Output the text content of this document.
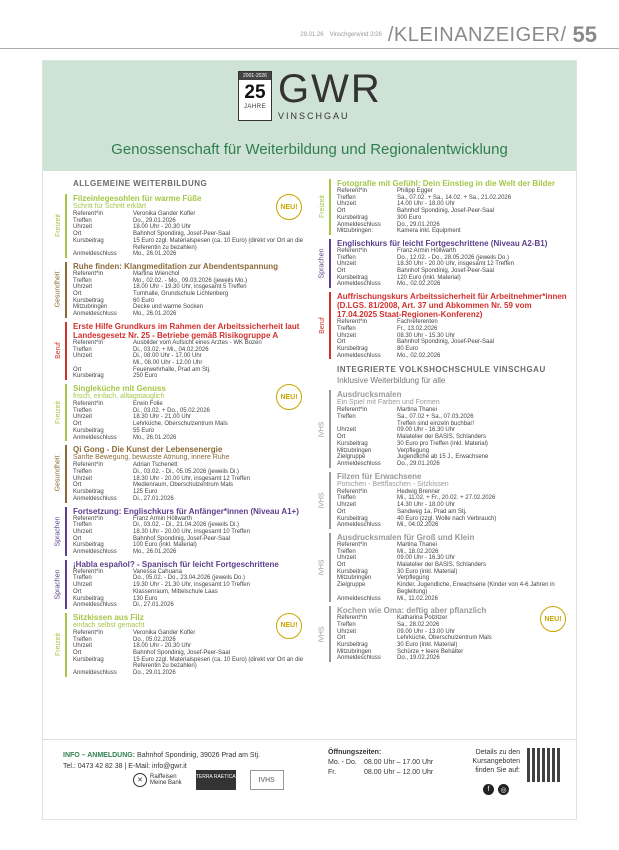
29.01.26 Vinschgerwind 2/26 /KLEINANZEIGER/ 55
2001-2026
25
JAHRE GWR
VINSCHGAU
Genossenschaft für Weiterbildung und Regionalentwicklung
ALLGEMEINE WEITERBILDUNG
Freizeit
Filzeinlegesohlen für warme Füße
Schritt für Schritt erklärt	NEU!
Referent*in	Veronika Gander Kofler
Treffen	Do., 29.01.2026
Uhrzeit	18.00 Uhr - 20.30 Uhr
Ort	Bahnhof Spondinig, Josef-Peer-Saal
Kursbeitrag	15 Euro zzgl. Materialspesen (ca. 10 Euro) (direkt vor Ort an die Referentin zu bezahlen)
Anmeldeschluss	Mo., 26.01.2026
Gesundheit
Ruhe finden: Klangmeditation zur Abendentspannung
Referent*in	Martina Wienchol
Treffen	Mo., 02.02. - Mo., 09.03.2026 (jeweils Mo.)
Uhrzeit	18.00 Uhr - 19.30 Uhr, insgesamt 5 Treffen
Ort	Turnhalle, Grundschule Lichtenberg
Kursbeitrag	60 Euro
Mitzubringen	Decke und warme Socken
Anmeldeschluss	Mo., 26.01.2026
Beruf
Erste Hilfe Grundkurs im Rahmen der Arbeitssicherheit laut Landesgesetz Nr. 25 - Betriebe gemäß Risikogruppe A
Referent*in	Ausbilder vom Aufsicht eines Arztes - WK Bozen
Treffen	Di., 03.02. + Mi., 04.02.2026
Uhrzeit	Di., 08.00 Uhr - 17.00 Uhr
Mi., 08.00 Uhr - 12.00 Uhr
Ort	Feuerwehrhalle, Prad am Stj.
Kursbeitrag	250 Euro
Freizeit
Singleküche mit Genuss
frisch, einfach, alltagstauglich	NEU!
Referent*in	Erwin Folie
Treffen	Di., 03.02. + Do., 05.02.2026
Uhrzeit	18.30 Uhr - 21.00 Uhr
Ort	Lehrküche, Oberschulzentrum Mals
Kursbeitrag	55 Euro
Anmeldeschluss	Mo., 26.01.2026
Gesundheit
Qi Gong - Die Kunst der Lebensenergie
Sanfte Bewegung, bewusste Atmung, innere Ruhe
Referent*in	Adrian Tschenett
Treffen	Di., 03.02. - Di., 05.05.2026 (jeweils Di.)
Uhrzeit	18.30 Uhr - 20.00 Uhr, insgesamt 12 Treffen
Ort	Medienraum, Oberschulzentrum Mals
Kursbeitrag	125 Euro
Anmeldeschluss	Di., 27.01.2026
Sprachen
Fortsetzung: Englischkurs für Anfänger*innen (Niveau A1+)
Referent*in	Franz Armin Höllwarth
Treffen	Di., 03.02. - Di., 21.04.2026 (jeweils Di.)
Uhrzeit	18.30 Uhr - 20.00 Uhr, insgesamt 10 Treffen
Ort	Bahnhof Spondinig, Josef-Peer-Saal
Kursbeitrag	100 Euro (inkl. Material)
Anmeldeschluss	Mo., 26.01.2026
Sprachen
¡Habla español? - Spanisch für leicht Fortgeschrittene
Referent*in	Vanessa Cahuana
Treffen	Do., 05.02. - Do., 23.04.2026 (jeweils Do.)
Uhrzeit	19.30 Uhr - 21.30 Uhr, insgesamt 10 Treffen
Ort	Klassenraum, Mittelschule Laas
Kursbeitrag	130 Euro
Anmeldeschluss	Di., 27.01.2026
Freizeit
Sitzkissen aus Filz
einfach selbst gemacht	NEU!
Referent*in	Veronika Gander Kofler
Treffen	Do., 05.02.2026
Uhrzeit	18.00 Uhr - 20.30 Uhr
Ort	Bahnhof Spondinig, Josef-Peer-Saal
Kursbeitrag	15 Euro zzgl. Materialspesen (ca. 10 Euro) (direkt vor Ort an die Referentin zu bezahlen)
Anmeldeschluss	Do., 29.01.2026
Freizeit
Fotografie mit Gefühl: Dein Einstieg in die Welt der Bilder
Referent*in	Philipp Egger
Treffen	Sa., 07.02. + Sa., 14.02. + Sa., 21.02.2026
Uhrzeit	14.00 Uhr - 18.00 Uhr
Ort	Bahnhof Spondinig, Josef-Peer-Saal
Kursbeitrag	300 Euro
Anmeldeschluss	Do., 29.01.2026
Mitzubringen:	Kamera inkl. Equipment
Sprachen
Englischkurs für leicht Fortgeschrittene (Niveau A2-B1)
Referent*in	Franz Armin Höllwarth
Treffen	Do., 12.02. - Do., 28.05.2026 (jeweils Do.)
Uhrzeit	18.30 Uhr - 20.00 Uhr, insgesamt 12 Treffen
Ort	Bahnhof Spondinig, Josef-Peer-Saal
Kursbeitrag	120 Euro (inkl. Material)
Anmeldeschluss	Mo., 02.02.2026
Beruf
Auffrischungskurs Arbeitssicherheit für Arbeitnehmer*innen (D.LGS. 81/2008, Art. 37 und Abkommen Nr. 59 vom 17.04.2025 Staat-Regionen-Konferenz)
Referent*in	Fachreferenten
Treffen	Fr., 13.02.2026
Uhrzeit	08.30 Uhr - 15.30 Uhr
Ort	Bahnhof Spondinig, Josef-Peer-Saal
Kursbeitrag	80 Euro
Anmeldeschluss	Mo., 02.02.2026
INTEGRIERTE VOLKSHOCHSCHULE VINSCHGAU
Inklusive Weiterbildung für alle
iVHS
Ausdrucksmalen
Ein Spiel mit Farben und Formen
Referent*in	Martina Thanei
Treffen	Sa., 07.02 + Sa., 07.03.2026
Treffen sind einzeln buchbar!
Uhrzeit	09.00 Uhr - 16.30 Uhr
Ort	Malatelier der BASIS, Schlanders
Kursbeitrag	30 Euro pro Treffen (inkl. Material)
Mitzubringen	Verpflegung
Zielgruppe	Jugendliche ab 15 J., Erwachsene
Anmeldeschluss	Do., 29.01.2026
iVHS
Filzen für Erwachsene
Potschen - Bettflaschen - Sitzkissen
Referent*in	Hedwig Brenner
Treffen	Mi., 11.02. + Fr., 20.02. + 27.02.2026
Uhrzeit	14.30 Uhr - 18.00 Uhr
Ort	Sandweg 1a, Prad am Stj.
Kursbeitrag	40 Euro (zzgl. Wolle nach Verbrauch)
Anmeldeschluss	Mi., 04.02.2026
iVHS
Ausdrucksmalen für Groß und Klein
Referent*in	Martina Thanei
Treffen	Mi., 18.02.2026
Uhrzeit	09.00 Uhr - 16.30 Uhr
Ort	Malatelier der BASIS, Schlanders
Kursbeitrag	30 Euro (inkl. Material)
Mitzubringen	Verpflegung
Zielgruppe	Kinder, Jugendliche, Erwachsene (Kinder von 4-6 Jahren in Begleitung)
Anmeldeschluss	Mi., 11.02.2026
iVHS
Kochen wie Oma: deftig aber pflanzlich
NEU!
Referent*in	Katharina Polzitzer
Treffen	Sa., 28.02.2026
Uhrzeit	09.00 Uhr - 13.00 Uhr
Ort	Lehrküche, Oberschulzentrum Mals
Kursbeitrag	30 Euro (inkl. Material)
Mitzubringen	Schürze + leere Behälter
Anmeldeschluss	Do., 19.02.2026
INFO – ANMELDUNG: Bahnhof Spondinig, 39026 Prad am Stj.
Tel.: 0473 42 82 38 | E-Mail: info@gwr.it
✕	Raiffeisen
Meine Bank
TERRA RAETICA	IVHS
Öffnungszeiten:
Mo. - Do.	08.00 Uhr – 17.00 Uhr
Fr.	08.00 Uhr – 12.00 Uhr
Details zu den Kursangeboten finden Sie auf:
f	◎
